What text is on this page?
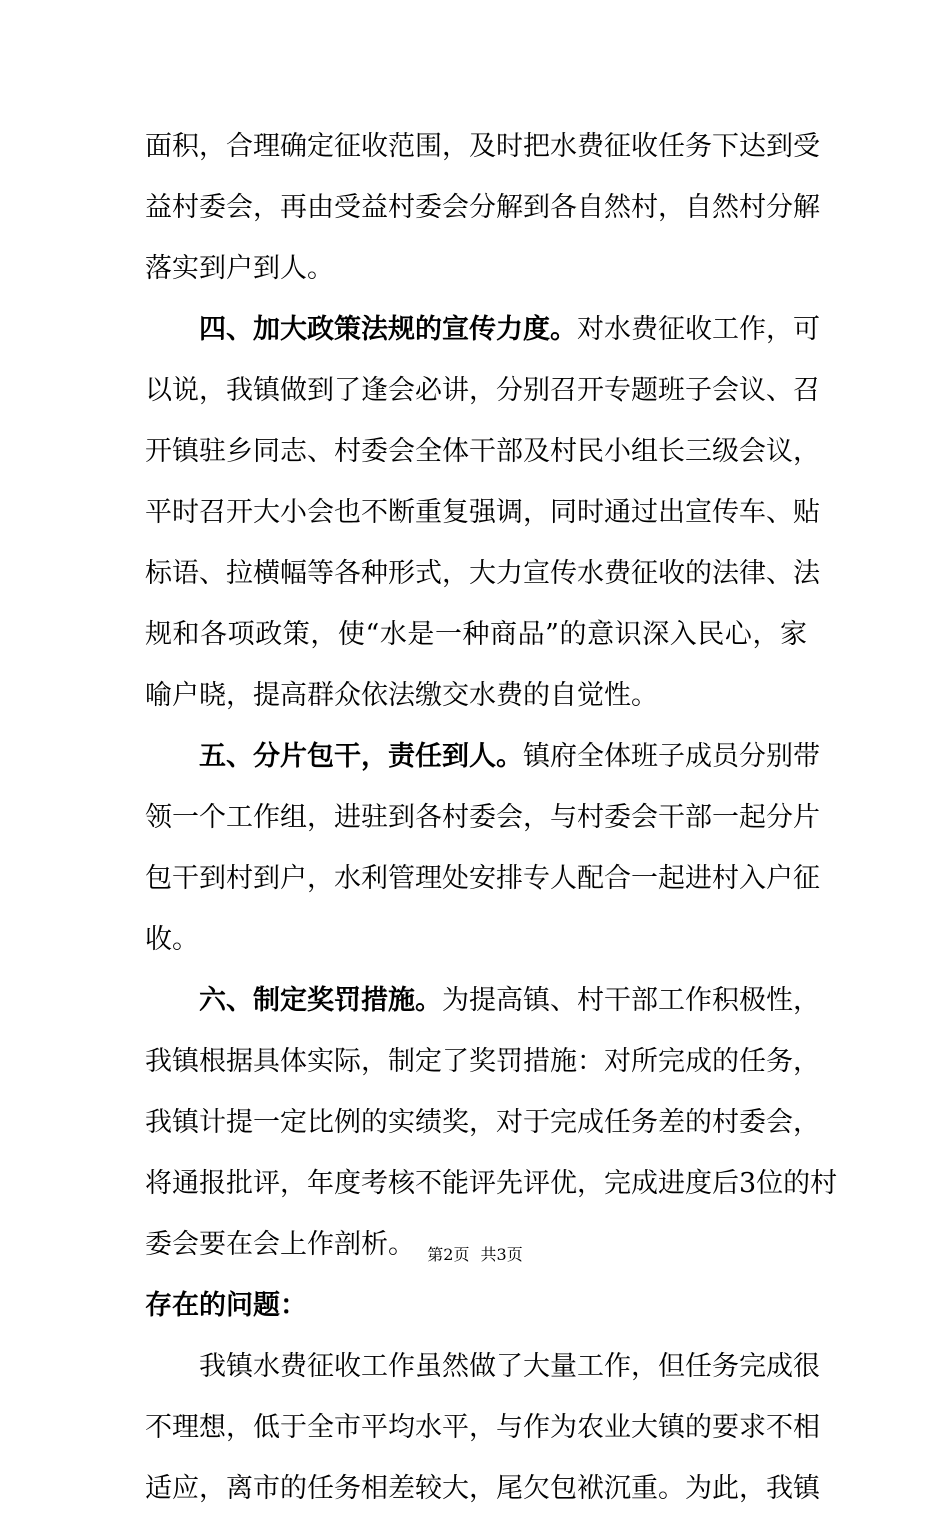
面积，合理确定征收范围，及时把水费征收任务下达到受
益村委会，再由受益村委会分解到各自然村，自然村分解
落实到户到人。
四、加大政策法规的宣传力度。对水费征收工作，可
以说，我镇做到了逢会必讲，分别召开专题班子会议、召
开镇驻乡同志、村委会全体干部及村民小组长三级会议，
平时召开大小会也不断重复强调，同时通过出宣传车、贴
标语、拉横幅等各种形式，大力宣传水费征收的法律、法
规和各项政策，使“水是一种商品”的意识深入民心，家
喻户晓，提高群众依法缴交水费的自觉性。
五、分片包干，责任到人。镇府全体班子成员分别带
领一个工作组，进驻到各村委会，与村委会干部一起分片
包干到村到户，水利管理处安排专人配合一起进村入户征
收。
六、制定奖罚措施。为提高镇、村干部工作积极性，
我镇根据具体实际，制定了奖罚措施：对所完成的任务，
我镇计提一定比例的实绩奖，对于完成任务差的村委会，
将通报批评，年度考核不能评先评优，完成进度后3位的村
委会要在会上作剖析。
存在的问题：
我镇水费征收工作虽然做了大量工作，但任务完成很
不理想，低于全市平均水平，与作为农业大镇的要求不相
适应，离市的任务相差较大，尾欠包袱沉重。为此，我镇
第2页 共3页
